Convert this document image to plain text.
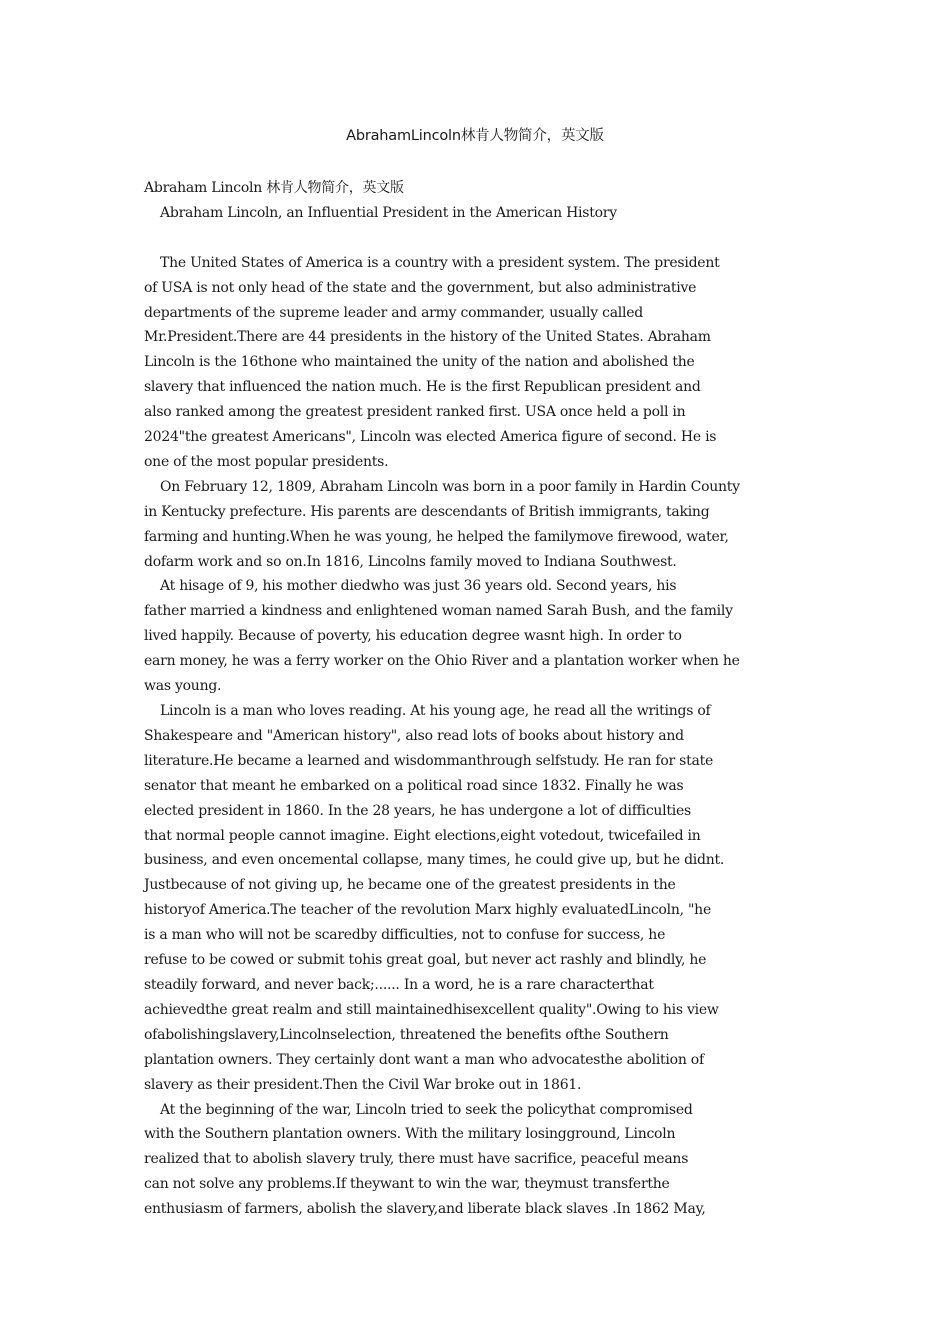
AbrahamLincoln林肯人物简介，英文版
Abraham Lincoln 林肯人物简介，英文版
Abraham Lincoln, an Influential President in the American History
The United States of America is a country with a president system. The president
of USA is not only head of the state and the government, but also administrative
departments of the supreme leader and army commander, usually called
Mr.President.There are 44 presidents in the history of the United States. Abraham
Lincoln is the 16thone who maintained the unity of the nation and abolished the
slavery that influenced the nation much. He is the first Republican president and
also ranked among the greatest president ranked first. USA once held a poll in
2024"the greatest Americans", Lincoln was elected America figure of second. He is
one of the most popular presidents.
On February 12, 1809, Abraham Lincoln was born in a poor family in Hardin County
in Kentucky prefecture. His parents are descendants of British immigrants, taking
farming and hunting.When he was young, he helped the familymove firewood, water,
dofarm work and so on.In 1816, Lincolns family moved to Indiana Southwest.
At hisage of 9, his mother diedwho was just 36 years old. Second years, his
father married a kindness and enlightened woman named Sarah Bush, and the family
lived happily. Because of poverty, his education degree wasnt high. In order to
earn money, he was a ferry worker on the Ohio River and a plantation worker when he
was young.
Lincoln is a man who loves reading. At his young age, he read all the writings of
Shakespeare and "American history", also read lots of books about history and
literature.He became a learned and wisdommanthrough selfstudy. He ran for state
senator that meant he embarked on a political road since 1832. Finally he was
elected president in 1860. In the 28 years, he has undergone a lot of difficulties
that normal people cannot imagine. Eight elections,eight votedout, twicefailed in
business, and even oncemental collapse, many times, he could give up, but he didnt.
Justbecause of not giving up, he became one of the greatest presidents in the
historyof America.The teacher of the revolution Marx highly evaluatedLincoln, "he
is a man who will not be scaredby difficulties, not to confuse for success, he
refuse to be cowed or submit tohis great goal, but never act rashly and blindly, he
steadily forward, and never back;...... In a word, he is a rare characterthat
achievedthe great realm and still maintainedhisexcellent quality".Owing to his view
ofabolishingslavery,Lincolnselection, threatened the benefits ofthe Southern
plantation owners. They certainly dont want a man who advocatesthe abolition of
slavery as their president.Then the Civil War broke out in 1861.
At the beginning of the war, Lincoln tried to seek the policythat compromised
with the Southern plantation owners. With the military losingground, Lincoln
realized that to abolish slavery truly, there must have sacrifice, peaceful means
can not solve any problems.If theywant to win the war, theymust transferthe
enthusiasm of farmers, abolish the slavery,and liberate black slaves .In 1862 May,
